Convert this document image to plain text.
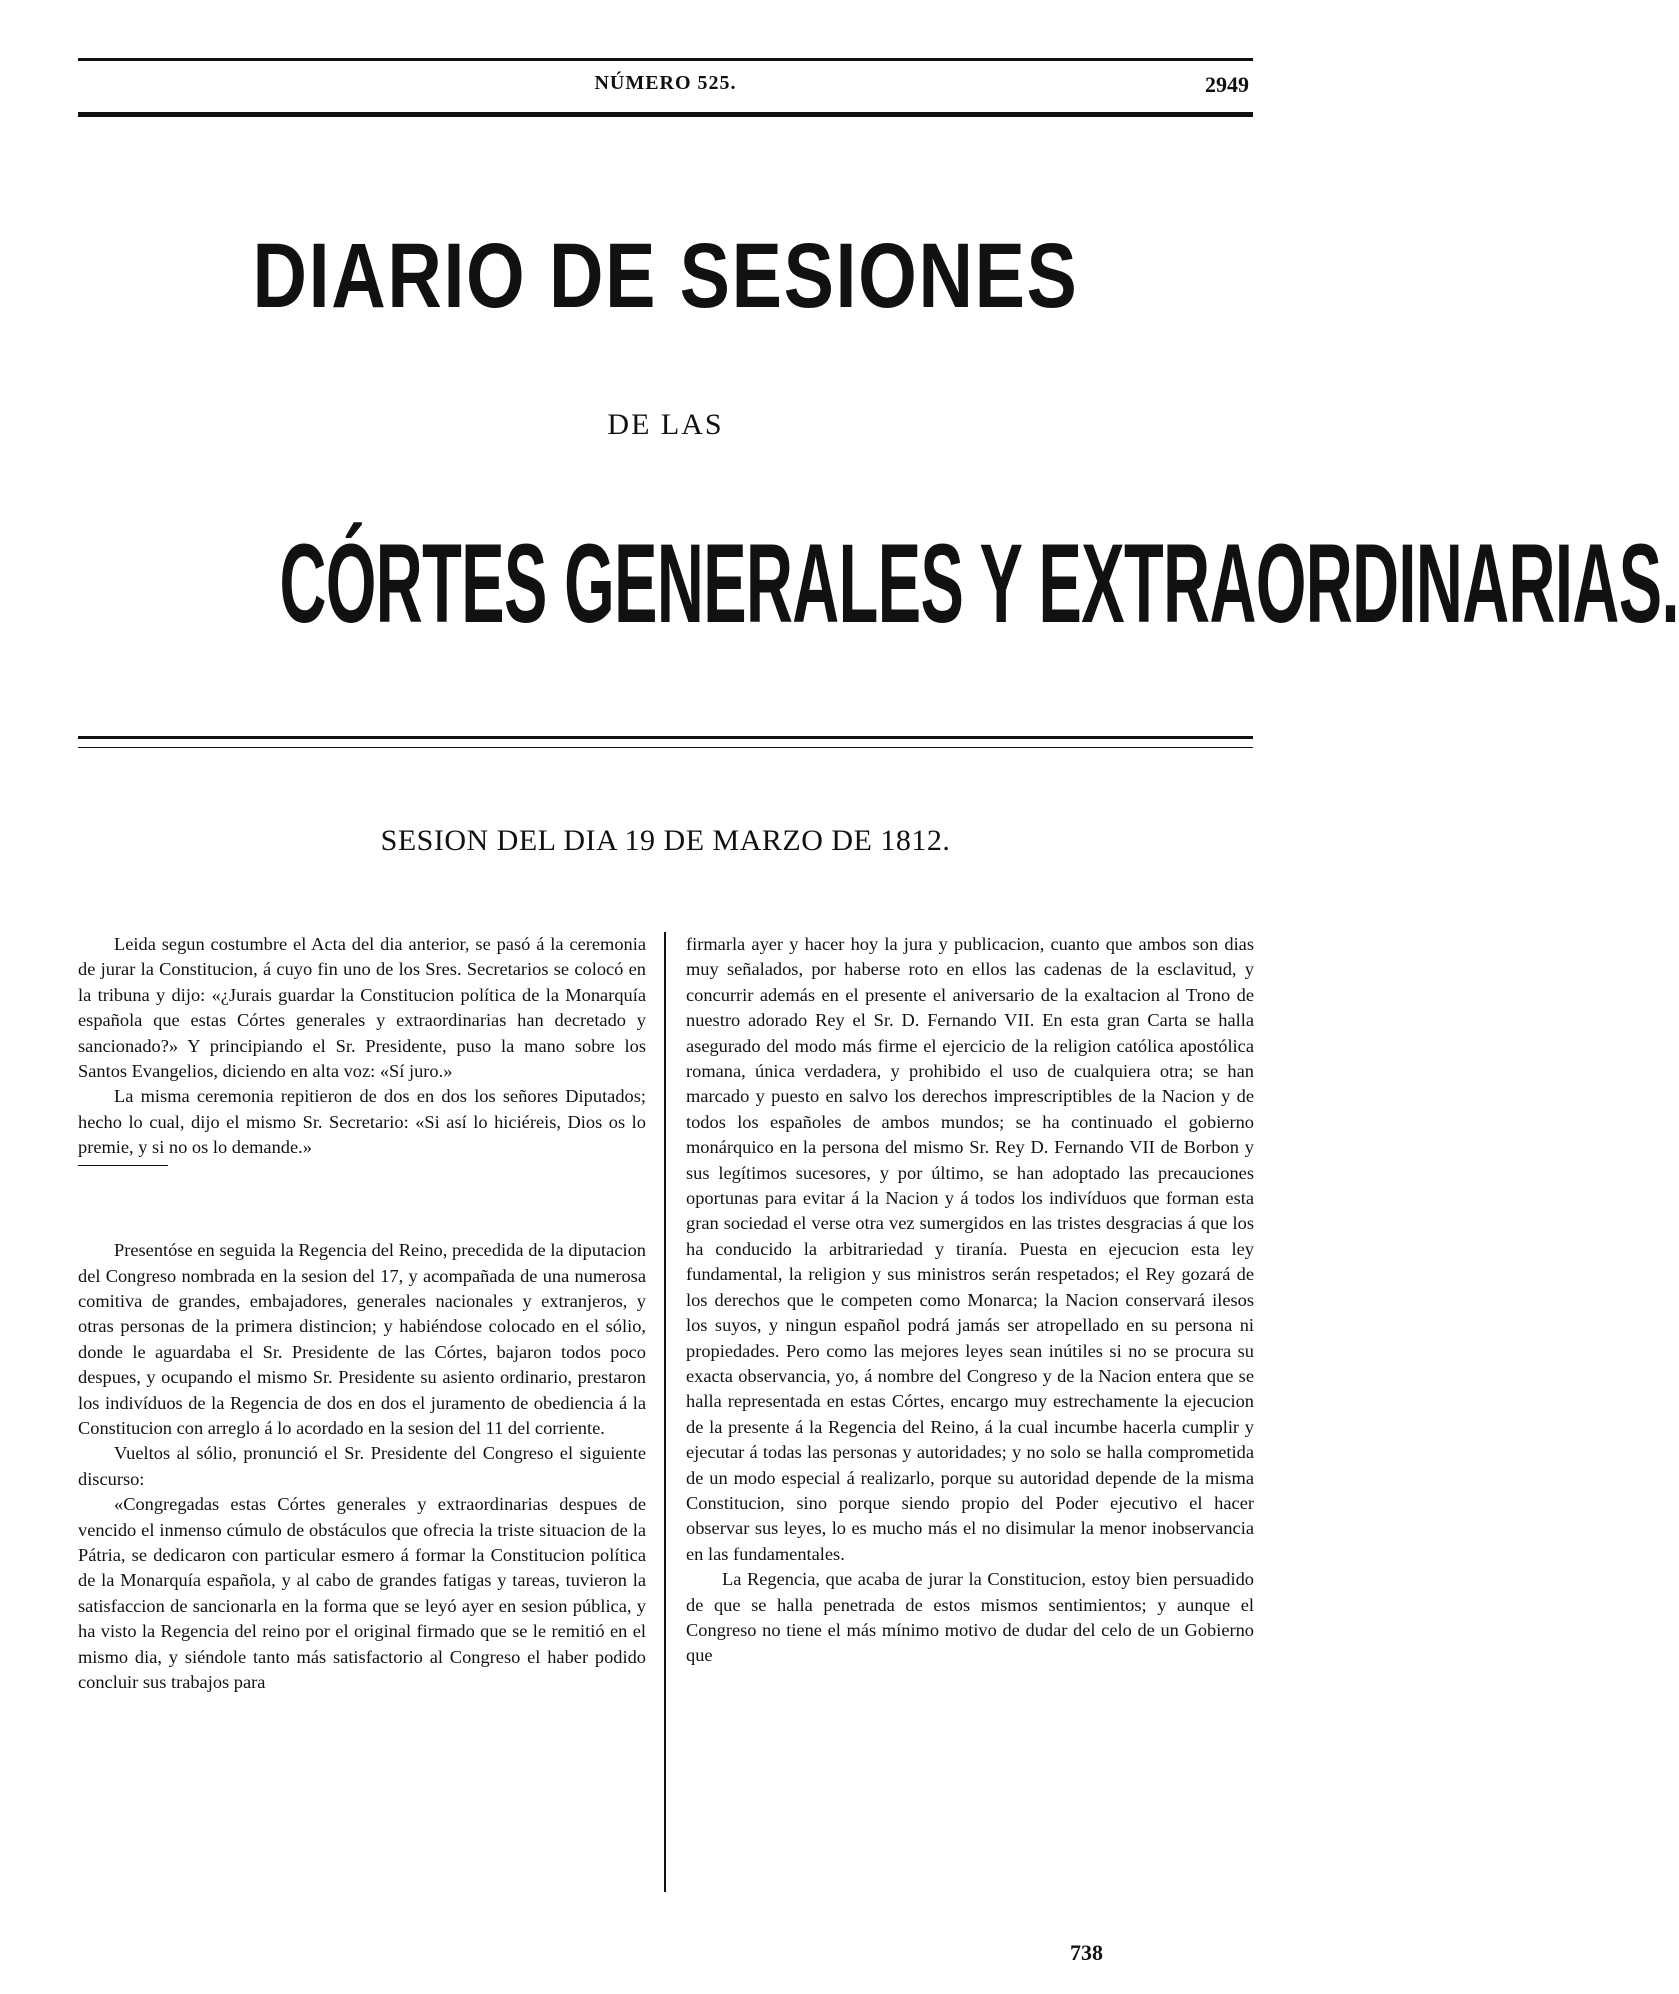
NÚMERO 525.	2949
DIARIO DE SESIONES
DE LAS
CÓRTES GENERALES Y EXTRAORDINARIAS.
SESION DEL DIA 19 DE MARZO DE 1812.

Leida segun costumbre el Acta del dia anterior, se pasó á la ceremonia de jurar la Constitucion, á cuyo fin uno de los Sres. Secretarios se colocó en la tribuna y dijo: «¿Jurais guardar la Constitucion política de la Monarquía española que estas Córtes generales y extraordinarias han decretado y sancionado?» Y principiando el Sr. Presidente, puso la mano sobre los Santos Evangelios, diciendo en alta voz: «Sí juro.»

La misma ceremonia repitieron de dos en dos los señores Diputados; hecho lo cual, dijo el mismo Sr. Secretario: «Si así lo hiciéreis, Dios os lo premie, y si no os lo demande.»

Presentóse en seguida la Regencia del Reino, precedida de la diputacion del Congreso nombrada en la sesion del 17, y acompañada de una numerosa comitiva de grandes, embajadores, generales nacionales y extranjeros, y otras personas de la primera distincion; y habiéndose colocado en el sólio, donde le aguardaba el Sr. Presidente de las Córtes, bajaron todos poco despues, y ocupando el mismo Sr. Presidente su asiento ordinario, prestaron los indivíduos de la Regencia de dos en dos el juramento de obediencia á la Constitucion con arreglo á lo acordado en la sesion del 11 del corriente.

Vueltos al sólio, pronunció el Sr. Presidente del Congreso el siguiente discurso:

«Congregadas estas Córtes generales y extraordinarias despues de vencido el inmenso cúmulo de obstáculos que ofrecia la triste situacion de la Pátria, se dedicaron con particular esmero á formar la Constitucion política de la Monarquía española, y al cabo de grandes fatigas y tareas, tuvieron la satisfaccion de sancionarla en la forma que se leyó ayer en sesion pública, y ha visto la Regencia del reino por el original firmado que se le remitió en el mismo dia, y siéndole tanto más satisfactorio al Congreso el haber podido concluir sus trabajos para

firmarla ayer y hacer hoy la jura y publicacion, cuanto que ambos son dias muy señalados, por haberse roto en ellos las cadenas de la esclavitud, y concurrir además en el presente el aniversario de la exaltacion al Trono de nuestro adorado Rey el Sr. D. Fernando VII. En esta gran Carta se halla asegurado del modo más firme el ejercicio de la religion católica apostólica romana, única verdadera, y prohibido el uso de cualquiera otra; se han marcado y puesto en salvo los derechos imprescriptibles de la Nacion y de todos los españoles de ambos mundos; se ha continuado el gobierno monárquico en la persona del mismo Sr. Rey D. Fernando VII de Borbon y sus legítimos sucesores, y por último, se han adoptado las precauciones oportunas para evitar á la Nacion y á todos los indivíduos que forman esta gran sociedad el verse otra vez sumergidos en las tristes desgracias á que los ha conducido la arbitrariedad y tiranía. Puesta en ejecucion esta ley fundamental, la religion y sus ministros serán respetados; el Rey gozará de los derechos que le competen como Monarca; la Nacion conservará ilesos los suyos, y ningun español podrá jamás ser atropellado en su persona ni propiedades. Pero como las mejores leyes sean inútiles si no se procura su exacta observancia, yo, á nombre del Congreso y de la Nacion entera que se halla representada en estas Córtes, encargo muy estrechamente la ejecucion de la presente á la Regencia del Reino, á la cual incumbe hacerla cumplir y ejecutar á todas las personas y autoridades; y no solo se halla comprometida de un modo especial á realizarlo, porque su autoridad depende de la misma Constitucion, sino porque siendo propio del Poder ejecutivo el hacer observar sus leyes, lo es mucho más el no disimular la menor inobservancia en las fundamentales.

La Regencia, que acaba de jurar la Constitucion, estoy bien persuadido de que se halla penetrada de estos mismos sentimientos; y aunque el Congreso no tiene el más mínimo motivo de dudar del celo de un Gobierno que

738
